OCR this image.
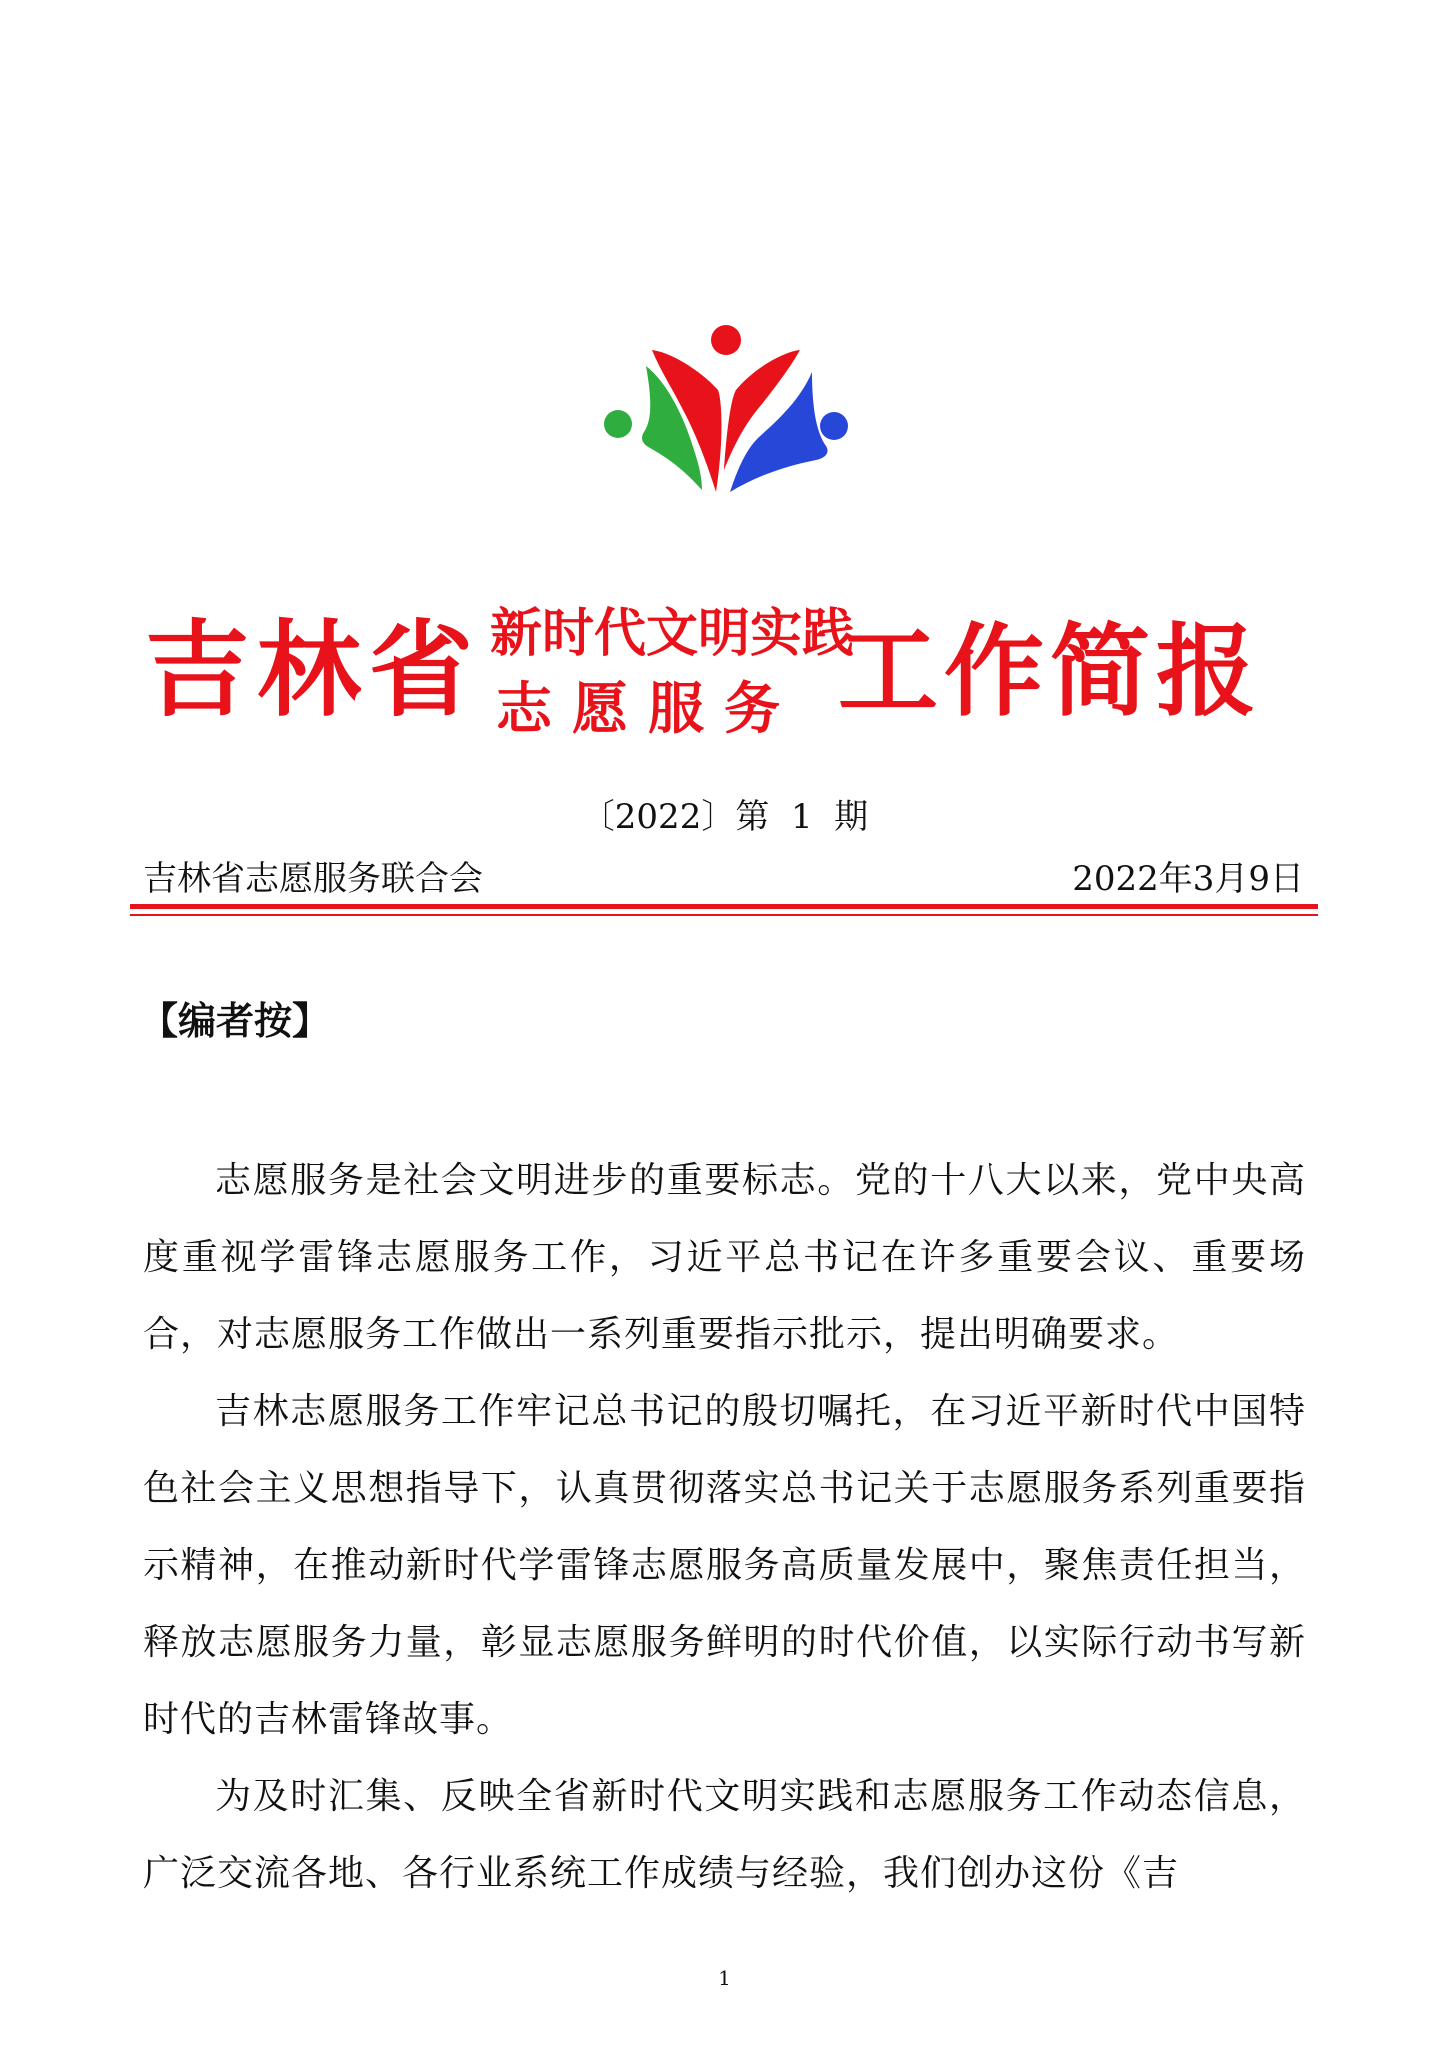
吉林省 新时代文明实践
志愿服务 工作简报
〔2022〕第  1  期
吉林省志愿服务联合会	2022年3月9日
【编者按】

志愿服务是社会文明进步的重要标志。党的十八大以来，党中央高度重视学雷锋志愿服务工作，习近平总书记在许多重要会议、重要场合，对志愿服务工作做出一系列重要指示批示，提出明确要求。

吉林志愿服务工作牢记总书记的殷切嘱托，在习近平新时代中国特色社会主义思想指导下，认真贯彻落实总书记关于志愿服务系列重要指示精神，在推动新时代学雷锋志愿服务高质量发展中，聚焦责任担当，释放志愿服务力量，彰显志愿服务鲜明的时代价值，以实际行动书写新时代的吉林雷锋故事。

为及时汇集、反映全省新时代文明实践和志愿服务工作动态信息，广泛交流各地、各行业系统工作成绩与经验，我们创办这份《吉

1
